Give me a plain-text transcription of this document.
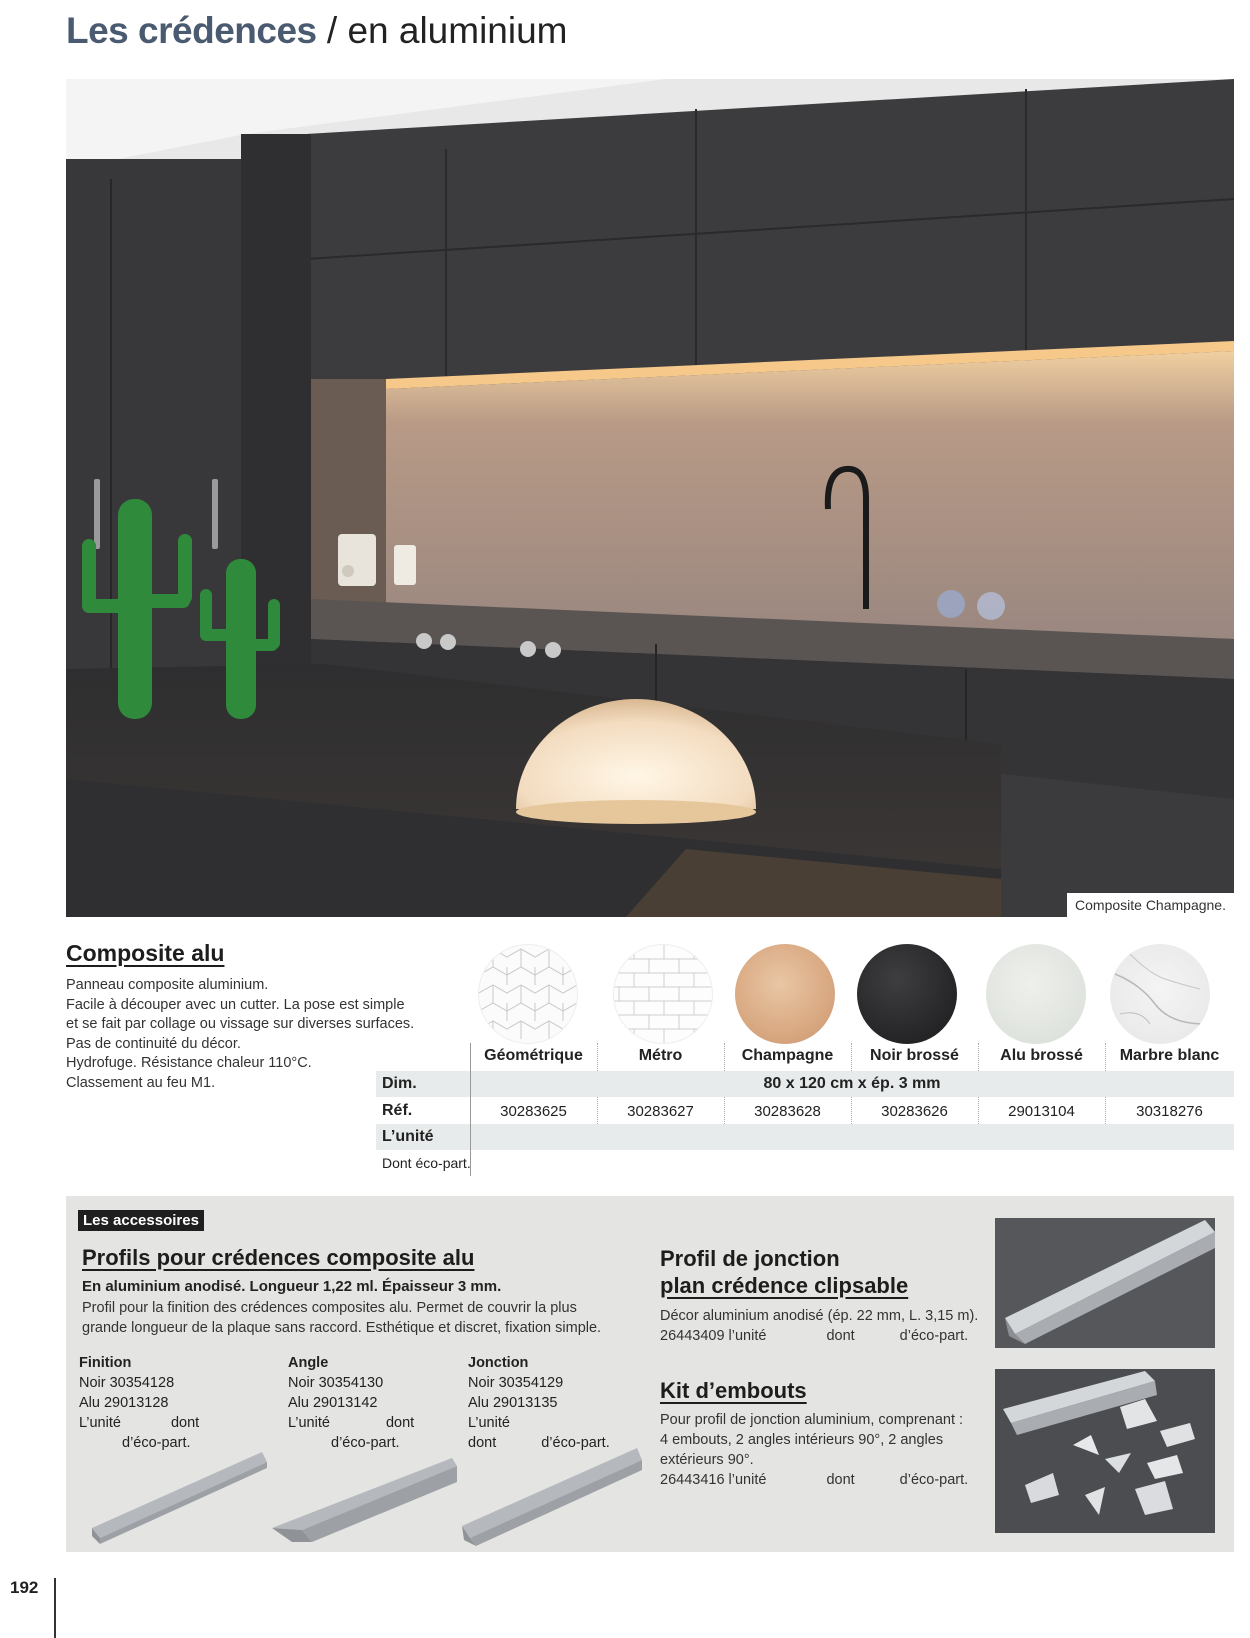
Les crédences / en aluminium
Composite Champagne.
Composite alu
Panneau composite aluminium.
Facile à découper avec un cutter. La pose est simple
et se fait par collage ou vissage sur diverses surfaces.
Pas de continuité du décor.
Hydrofuge. Résistance chaleur 110°C.
Classement au feu M1.
Géométrique	Métro	Champagne	Noir brossé	Alu brossé	Marbre blanc
Dim.	80 x 120 cm x ép. 3 mm
Réf.	30283625	30283627	30283628	30283626	29013104	30318276
L’unité
Dont éco-part.
Les accessoires
Profils pour crédences composite alu
En aluminium anodisé. Longueur 1,22 ml. Épaisseur 3 mm.
Profil pour la finition des crédences composites alu. Permet de couvrir la plus
grande longueur de la plaque sans raccord. Esthétique et discret, fixation simple.
Finition
Noir 30354128
Alu 29013128
L’unité	dont
d’éco-part.
Angle
Noir 30354130
Alu 29013142
L’unité	dont
d’éco-part.
Jonction
Noir 30354129
Alu 29013135
L’unité
dont	d’éco-part.
Profil de jonction
plan crédence clipsable
Décor aluminium anodisé (ép. 22 mm, L. 3,15 m).
26443409 l’unité	dont	d’éco-part.
Kit d’embouts
Pour profil de jonction aluminium, comprenant :
4 embouts, 2 angles intérieurs 90°, 2 angles
extérieurs 90°.
26443416 l’unité	dont	d’éco-part.
192
